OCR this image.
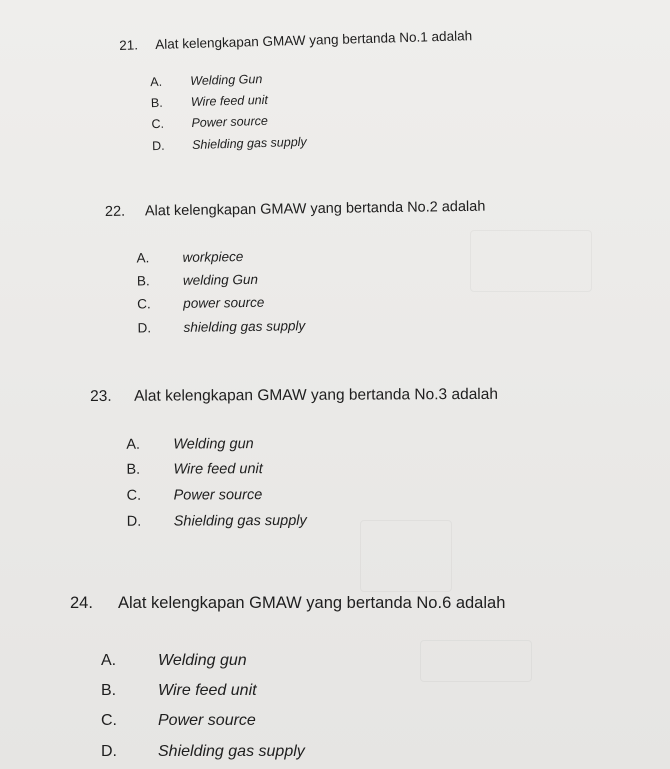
21. Alat kelengkapan GMAW yang bertanda No.1 adalah
A. Welding Gun
B. Wire feed unit
C. Power source
D. Shielding gas supply
22. Alat kelengkapan GMAW yang bertanda No.2 adalah
A. workpiece
B. welding Gun
C. power source
D. shielding gas supply
23. Alat kelengkapan GMAW yang bertanda No.3 adalah
A. Welding gun
B. Wire feed unit
C. Power source
D. Shielding gas supply
24. Alat kelengkapan GMAW yang bertanda No.6 adalah
A.	Welding gun
B.	Wire feed unit
C.	Power source
D.	Shielding gas supply
